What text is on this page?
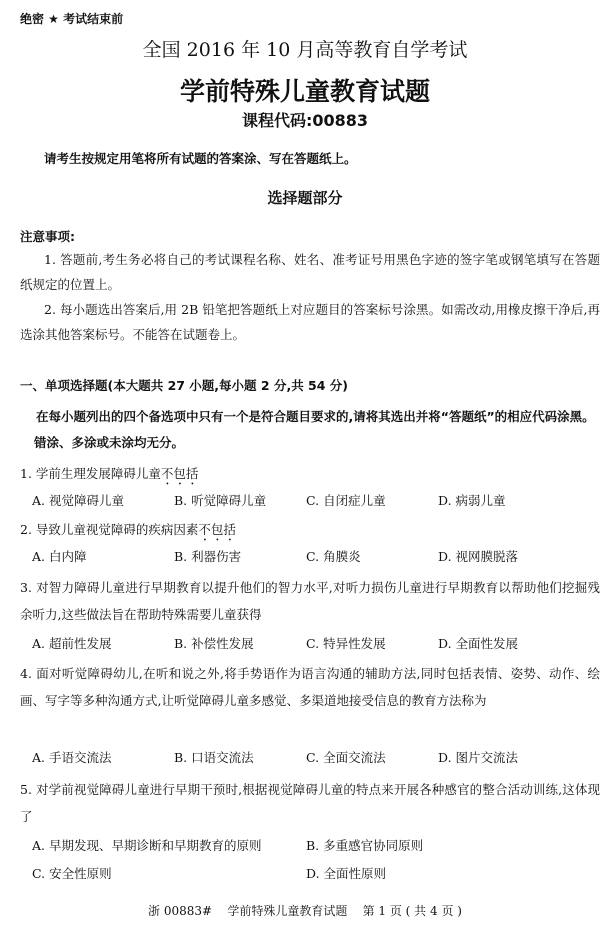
绝密 ★ 考试结束前
全国 2016 年 10 月高等教育自学考试
学前特殊儿童教育试题
课程代码:00883
请考生按规定用笔将所有试题的答案涂、写在答题纸上。
选择题部分
注意事项:
1. 答题前,考生务必将自己的考试课程名称、姓名、准考证号用黑色字迹的签字笔或钢笔填写在答题纸规定的位置上。
2. 每小题选出答案后,用 2B 铅笔把答题纸上对应题目的答案标号涂黑。如需改动,用橡皮擦干净后,再选涂其他答案标号。不能答在试题卷上。
一、单项选择题(本大题共 27 小题,每小题 2 分,共 54 分)
在每小题列出的四个备选项中只有一个是符合题目要求的,请将其选出并将“答题纸”的相应代码涂黑。错涂、多涂或未涂均无分。
1. 学前生理发展障碍儿童不包括
A. 视觉障碍儿童	B. 听觉障碍儿童	C. 自闭症儿童	D. 病弱儿童
2. 导致儿童视觉障碍的疾病因素不包括
A. 白内障	B. 利器伤害	C. 角膜炎	D. 视网膜脱落
3. 对智力障碍儿童进行早期教育以提升他们的智力水平,对听力损伤儿童进行早期教育以帮助他们挖掘残余听力,这些做法旨在帮助特殊需要儿童获得
A. 超前性发展	B. 补偿性发展	C. 特异性发展	D. 全面性发展
4. 面对听觉障碍幼儿,在听和说之外,将手势语作为语言沟通的辅助方法,同时包括表情、姿势、动作、绘画、写字等多种沟通方式,让听觉障碍儿童多感觉、多渠道地接受信息的教育方法称为
A. 手语交流法	B. 口语交流法	C. 全面交流法	D. 图片交流法
5. 对学前视觉障碍儿童进行早期干预时,根据视觉障碍儿童的特点来开展各种感官的整合活动训练,这体现了
A. 早期发现、早期诊断和早期教育的原则	B. 多重感官协同原则
C. 安全性原则	D. 全面性原则
浙 00883#    学前特殊儿童教育试题    第 1 页 ( 共 4 页 )
